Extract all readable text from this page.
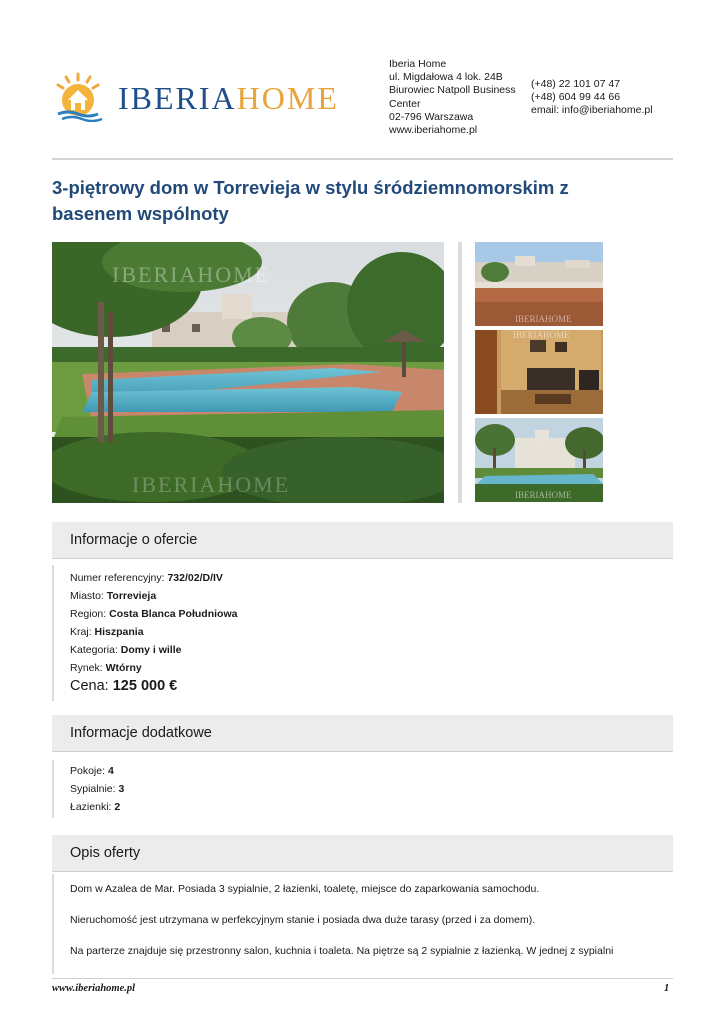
IBERIAHOME
Iberia Home
ul. Migdałowa 4 lok. 24B
Biurowiec Natpoll Business
Center
02-796 Warszawa
www.iberiahome.pl
(+48) 22 101 07 47
(+48) 604 99 44 66
email: info@iberiahome.pl
3-piętrowy dom w Torrevieja w stylu śródziemnomorskim z
basenem wspólnoty
IBERIAHOME
IBERIAHOME
IBERIAHOME
IBERIAHOME
IBERIAHOME
Informacje o ofercie
Numer referencyjny: 732/02/D/IV
Miasto: Torrevieja
Region: Costa Blanca Południowa
Kraj: Hiszpania
Kategoria: Domy i wille
Rynek: Wtórny
Cena: 125 000 €
Informacje dodatkowe
Pokoje: 4
Sypialnie: 3
Łazienki: 2
Opis oferty
Dom w Azalea de Mar. Posiada 3 sypialnie, 2 łazienki, toaletę, miejsce do zaparkowania samochodu.
Nieruchomość jest utrzymana w perfekcyjnym stanie i posiada dwa duże tarasy (przed i za domem).
Na parterze znajduje się przestronny salon, kuchnia i toaleta. Na piętrze są 2 sypialnie z łazienką. W jednej z sypialni
www.iberiahome.pl	1
